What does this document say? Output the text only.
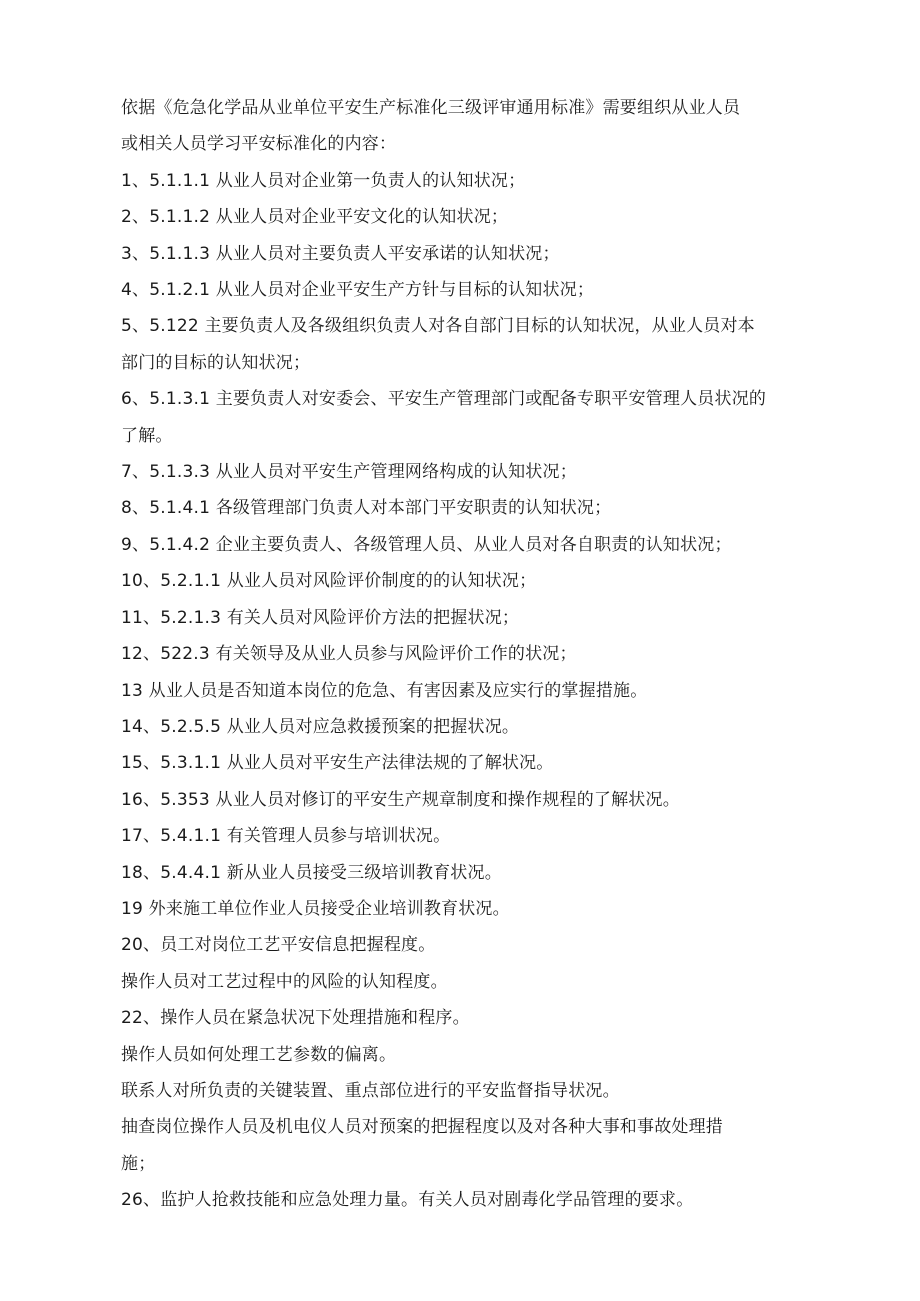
依据《危急化学品从业单位平安生产标准化三级评审通用标准》需要组织从业人员
或相关人员学习平安标准化的内容：
1、5.1.1.1 从业人员对企业第一负责人的认知状况；
2、5.1.1.2 从业人员对企业平安文化的认知状况；
3、5.1.1.3 从业人员对主要负责人平安承诺的认知状况；
4、5.1.2.1 从业人员对企业平安生产方针与目标的认知状况；
5、5.122 主要负责人及各级组织负责人对各自部门目标的认知状况，从业人员对本
部门的目标的认知状况；
6、5.1.3.1 主要负责人对安委会、平安生产管理部门或配备专职平安管理人员状况的
了解。
7、5.1.3.3 从业人员对平安生产管理网络构成的认知状况；
8、5.1.4.1 各级管理部门负责人对本部门平安职责的认知状况；
9、5.1.4.2 企业主要负责人、各级管理人员、从业人员对各自职责的认知状况；
10、5.2.1.1 从业人员对风险评价制度的的认知状况；
11、5.2.1.3 有关人员对风险评价方法的把握状况；
12、522.3 有关领导及从业人员参与风险评价工作的状况；
13 从业人员是否知道本岗位的危急、有害因素及应实行的掌握措施。
14、5.2.5.5 从业人员对应急救援预案的把握状况。
15、5.3.1.1 从业人员对平安生产法律法规的了解状况。
16、5.353 从业人员对修订的平安生产规章制度和操作规程的了解状况。
17、5.4.1.1 有关管理人员参与培训状况。
18、5.4.4.1 新从业人员接受三级培训教育状况。
19 外来施工单位作业人员接受企业培训教育状况。
20、员工对岗位工艺平安信息把握程度。
操作人员对工艺过程中的风险的认知程度。
22、操作人员在紧急状况下处理措施和程序。
操作人员如何处理工艺参数的偏离。
联系人对所负责的关键装置、重点部位进行的平安监督指导状况。
抽查岗位操作人员及机电仪人员对预案的把握程度以及对各种大事和事故处理措
施；
26、监护人抢救技能和应急处理力量。有关人员对剧毒化学品管理的要求。
